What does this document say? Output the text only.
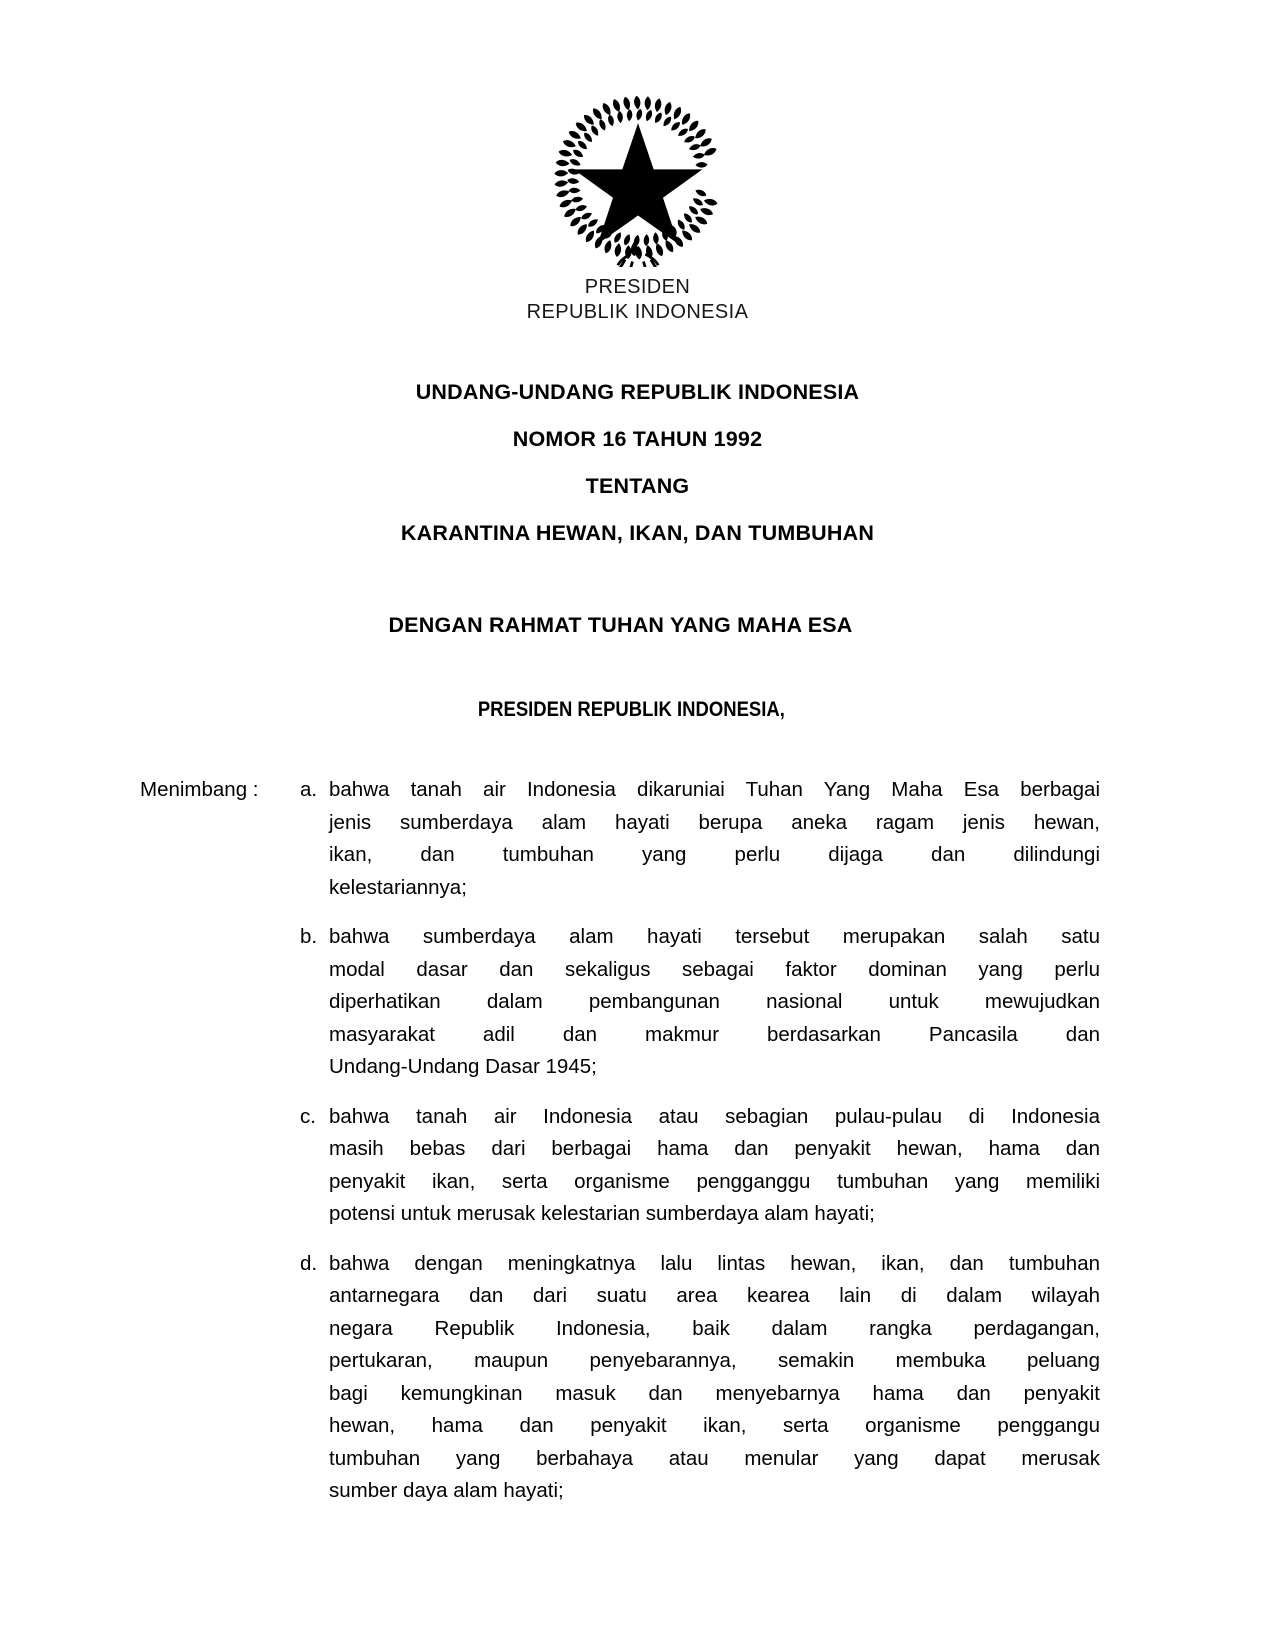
PRESIDEN
REPUBLIK INDONESIA
UNDANG-UNDANG REPUBLIK INDONESIA
NOMOR 16 TAHUN 1992
TENTANG
KARANTINA HEWAN, IKAN, DAN TUMBUHAN
DENGAN RAHMAT TUHAN YANG MAHA ESA
PRESIDEN REPUBLIK INDONESIA,
Menimbang :	a. bahwa tanah air Indonesia dikaruniai Tuhan Yang Maha Esa berbagai
jenis sumberdaya alam hayati berupa aneka ragam jenis hewan,
ikan, dan tumbuhan yang perlu dijaga dan dilindungi
kelestariannya;
b. bahwa sumberdaya alam hayati tersebut merupakan salah satu
modal dasar dan sekaligus sebagai faktor dominan yang perlu
diperhatikan dalam pembangunan nasional untuk mewujudkan
masyarakat adil dan makmur berdasarkan Pancasila dan
Undang-Undang Dasar 1945;
c. bahwa tanah air Indonesia atau sebagian pulau-pulau di Indonesia
masih bebas dari berbagai hama dan penyakit hewan, hama dan
penyakit ikan, serta organisme pengganggu tumbuhan yang memiliki
potensi untuk merusak kelestarian sumberdaya alam hayati;
d. bahwa dengan meningkatnya lalu lintas hewan, ikan, dan tumbuhan
antarnegara dan dari suatu area kearea lain di dalam wilayah
negara Republik Indonesia, baik dalam rangka perdagangan,
pertukaran, maupun penyebarannya, semakin membuka peluang
bagi kemungkinan masuk dan menyebarnya hama dan penyakit
hewan, hama dan penyakit ikan, serta organisme penggangu
tumbuhan yang berbahaya atau menular yang dapat merusak
sumber daya alam hayati;
